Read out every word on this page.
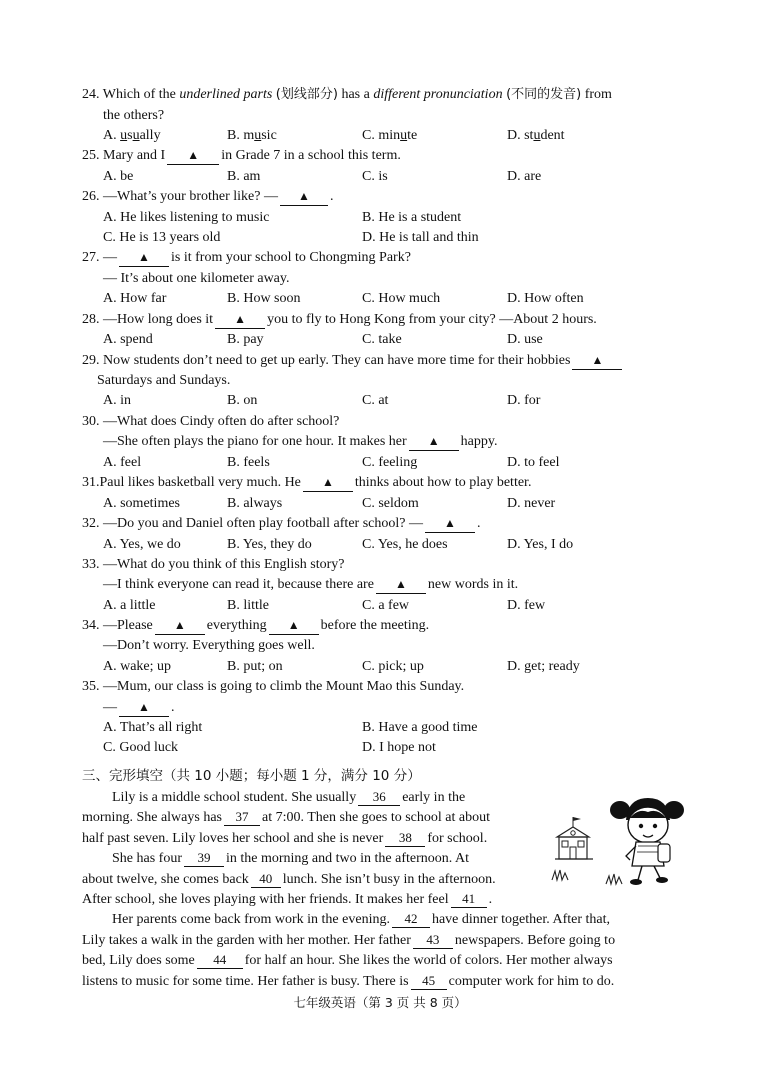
24. Which of the underlined parts (划线部分) has a different pronunciation (不同的发音) from
the others?
A. usually	B. music	C. minute	D. student
25. Mary and I ▲ in Grade 7 in a school this term.
A. be	B. am	C. is	D. are
26. —What’s your brother like? — ▲ .
A. He likes listening to music	B. He is a student
C. He is 13 years old	D. He is tall and thin
27. — ▲ is it from your school to Chongming Park?
— It’s about one kilometer away.
A. How far	B. How soon	C. How much	D. How often
28. —How long does it ▲ you to fly to Hong Kong from your city? —About 2 hours.
A. spend	B. pay	C. take	D. use
29. Now students don’t need to get up early. They can have more time for their hobbies ▲
Saturdays and Sundays.
A. in	B. on	C. at	D. for
30. —What does Cindy often do after school?
—She often plays the piano for one hour. It makes her ▲ happy.
A. feel	B. feels	C. feeling	D. to feel
31.Paul likes basketball very much. He ▲ thinks about how to play better.
A. sometimes	B. always	C. seldom	D. never
32. —Do you and Daniel often play football after school? — ▲ .
A. Yes, we do	B. Yes, they do	C. Yes, he does	D. Yes, I do
33. —What do you think of this English story?
—I think everyone can read it, because there are ▲ new words in it.
A. a little	B. little	C. a few	D. few
34. —Please ▲ everything ▲ before the meeting.
—Don’t worry. Everything goes well.
A. wake; up	B. put; on	C. pick; up	D. get; ready
35. —Mum, our class is going to climb the Mount Mao this Sunday.
— ▲ .
A. That’s all right	B. Have a good time
C. Good luck	D. I hope not
三、完形填空（共 10 小题；每小题 1 分，满分 10 分）
Lily is a middle school student. She usually 36 early in the
morning. She always has 37 at 7:00. Then she goes to school at about
half past seven. Lily loves her school and she is never 38 for school.
She has four 39 in the morning and two in the afternoon. At
about twelve, she comes back 40 lunch. She isn’t busy in the afternoon.
After school, she loves playing with her friends. It makes her feel 41 .
Her parents come back from work in the evening. 42 have dinner together. After that,
Lily takes a walk in the garden with her mother. Her father 43 newspapers. Before going to
bed, Lily does some 44 for half an hour. She likes the world of colors. Her mother always
listens to music for some time. Her father is busy. There is 45 computer work for him to do.
七年级英语（第 3 页 共 8 页）
